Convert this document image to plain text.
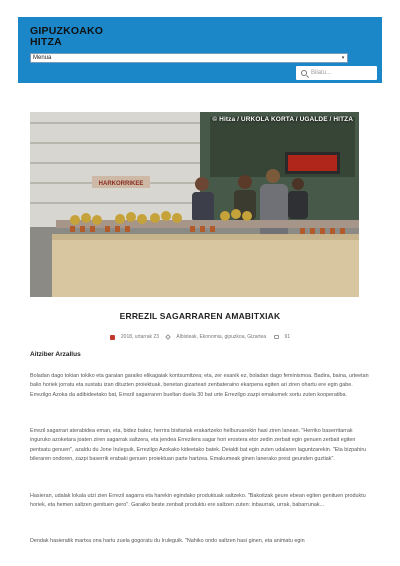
GIPUZKOAKO
HITZA
Menua	▾
Bilatu...
HARKORRIKEE
© Hitza / URKOLA KORTA / UGALDE / HITZA
ERREZIL SAGARRAREN AMABITXIAK
2018, urtarrak 23	Albisteak, Ekonomia, gipuzkoa, Gizartea	91
Aitziber Arzallus
Boladan dago tokian tokiko eta garaian garaiko elikagaiak kontsumitzea; eta, zer esanik ez, boladan dago feminismoa. Badira, baina, urteetan balio horiek jorratu eta sustatu izan dituzten proiektuak, benetan gizarteari zenbateraino ekarpena egiten ari ziren ohartu ere egin gabe. Errezilgo Azoka da adibideetako bat, Errezil sagarraren bueltan duela 30 bat urte Errezilgo zazpi emakumek sortu zuten kooperatiba.
Errezil sagarrari aterabidea eman, eta, bidez batez, herrira bisitariak erakartzeko helburuarekin hasi ziren lanean. "Herriko baserritarrak inguruko azoketara joaten ziren sagarrak saltzera, eta jendea Errezilera sagar hori erostera etor zedin zerbait egin genuen zerbait egiten pentsatu genuen", azaldu du Jone Iruleguik, Errezilgo Azokako kideetako batek. Deialdi bat egin zuten udalaren laguntzarekin. "Eta bizpahiru bileraren ondoren, zazpi baserrik erabaki genuen proiektuan parte hartzea. Emakumeak ginen lanerako prest geunden guztiak".
Hasieran, udalak lokala utzi zien Errezil sagarra eta harekin egindako produktuak saltzeko. "Bakoitzak geure ebean egiten genituen produktu horiek, eta hemen saltzen genituen gero". Garaiko beste zenbait produktu ere saltzen zuten: inbaurrak, urrak, babarrunak...
Dendak hasieratik martxa ona hartu zuela gogoratu du Iruleguik. "Nahiko ondo saltzen hasi ginen, eta animatu egin
